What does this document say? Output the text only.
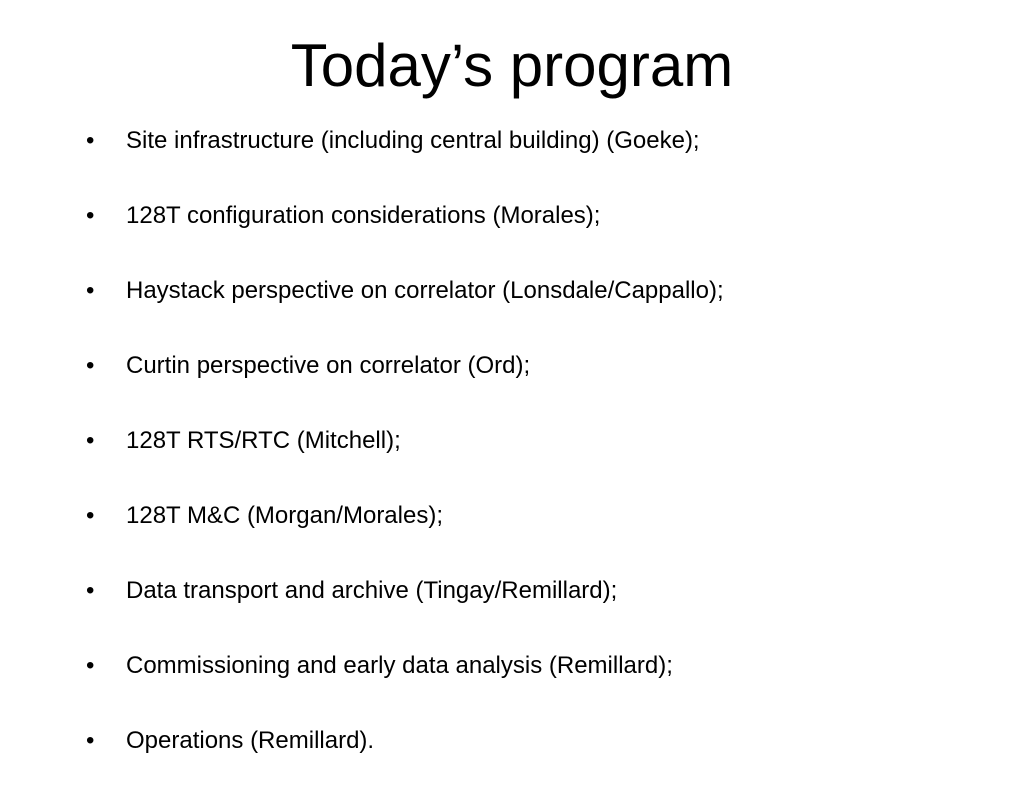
Today’s program
• Site infrastructure (including central building) (Goeke);
• 128T configuration considerations (Morales);
• Haystack perspective on correlator (Lonsdale/Cappallo);
• Curtin perspective on correlator (Ord);
• 128T RTS/RTC (Mitchell);
• 128T M&C (Morgan/Morales);
• Data transport and archive (Tingay/Remillard);
• Commissioning and early data analysis (Remillard);
• Operations (Remillard).
